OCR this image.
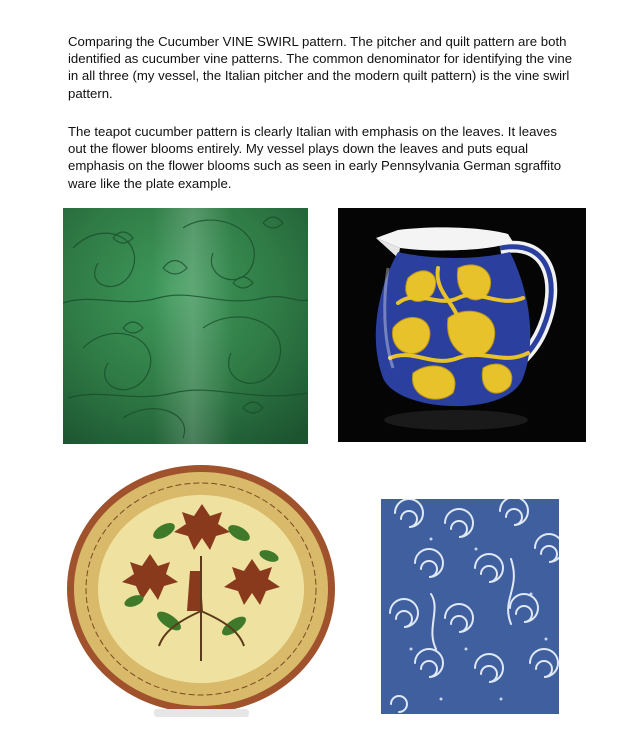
Comparing the Cucumber VINE SWIRL pattern. The pitcher and quilt pattern are both identified as cucumber vine patterns. The common denominator for identifying the vine in all three (my vessel, the Italian pitcher and the modern quilt pattern) is the vine swirl pattern.

The teapot cucumber pattern is clearly Italian with emphasis on the leaves. It leaves out the flower blooms entirely. My vessel plays down the leaves and puts equal emphasis on the flower blooms such as seen in early Pennsylvania German sgraffito ware like the plate example.
